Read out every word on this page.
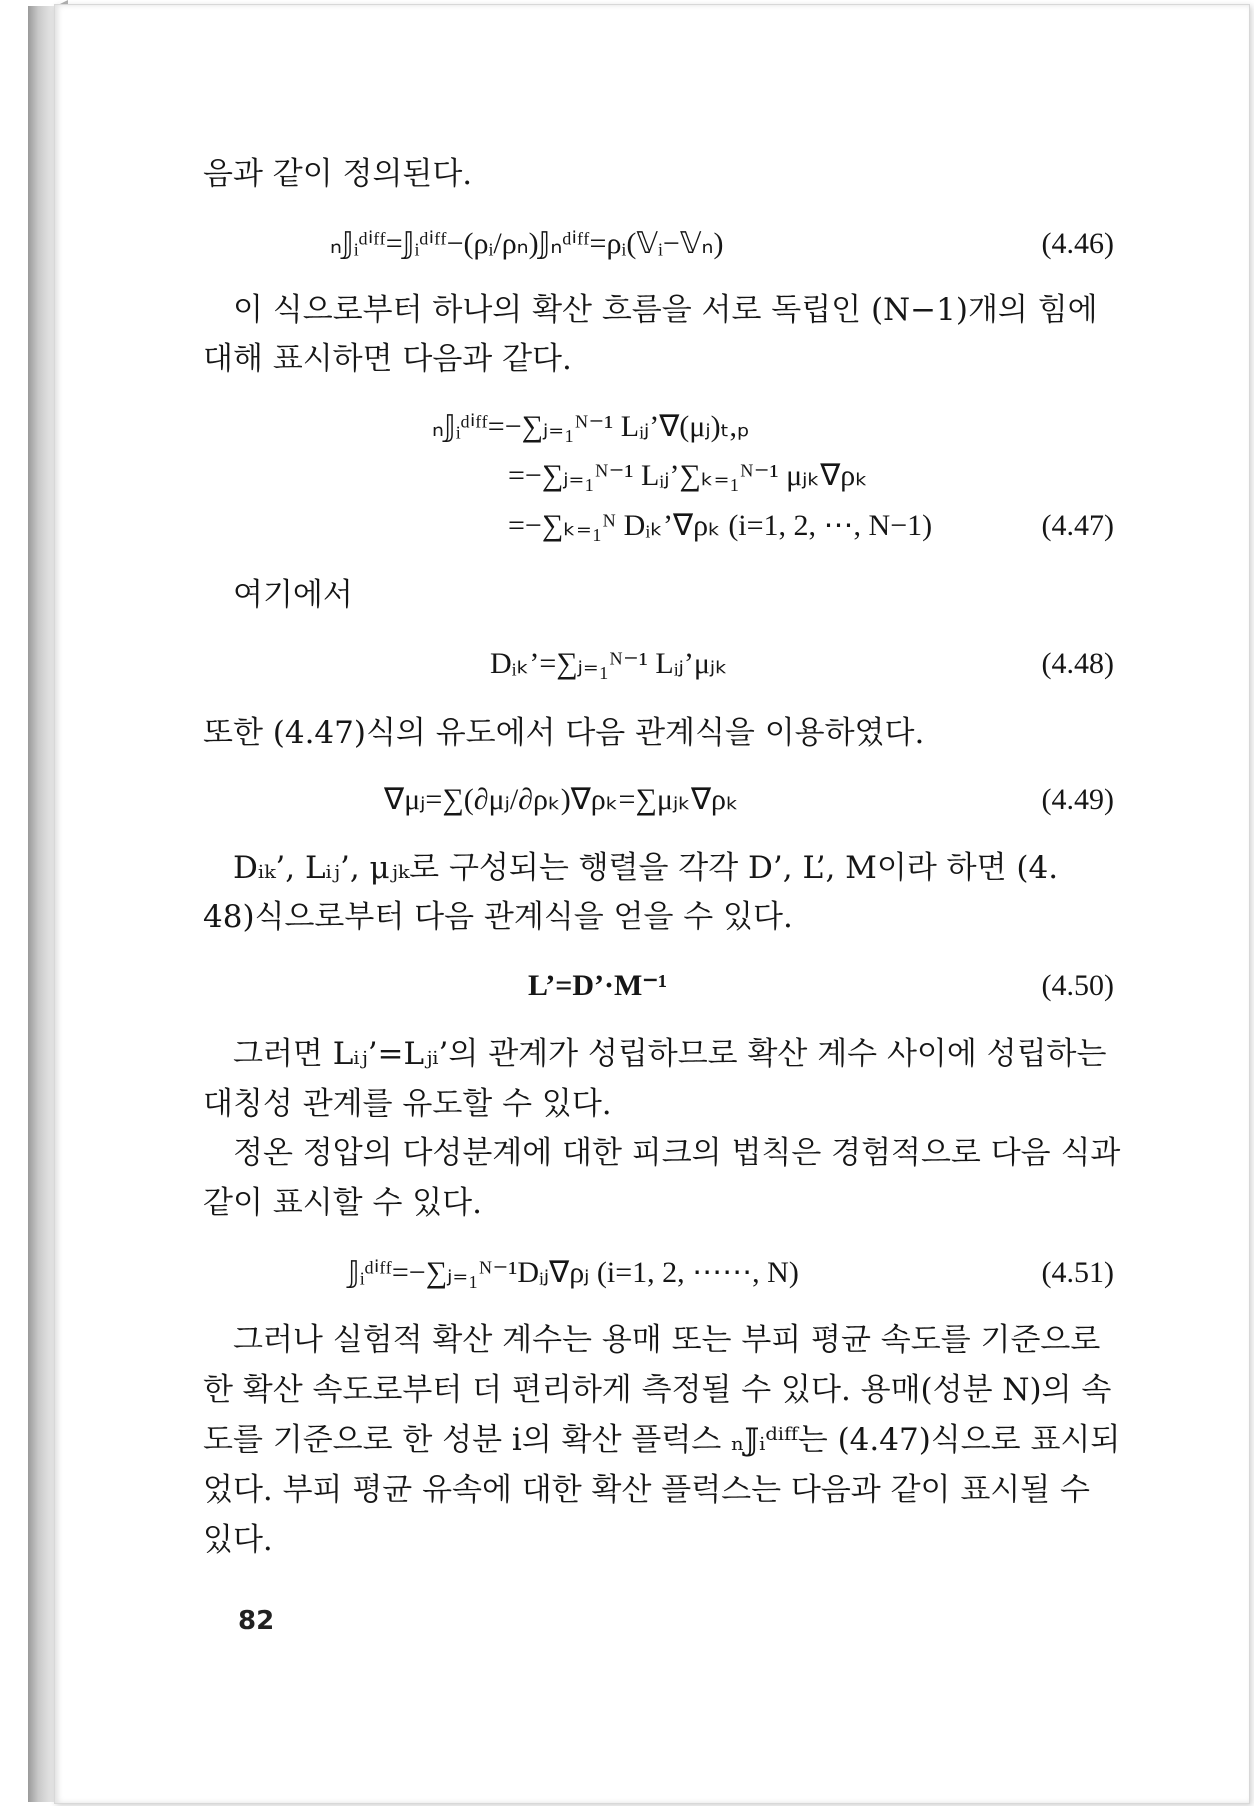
음과 같이 정의된다.

ₙ𝕁ᵢᵈⁱᶠᶠ=𝕁ᵢᵈⁱᶠᶠ−(ρᵢ/ρₙ)𝕁ₙᵈⁱᶠᶠ=ρᵢ(𝕍ᵢ−𝕍ₙ)	(4.46)

이 식으로부터 하나의 확산 흐름을 서로 독립인 (N−1)개의 힘에

대해 표시하면 다음과 같다.

ₙ𝕁ᵢᵈⁱᶠᶠ=−∑ⱼ₌₁ᴺ⁻¹ Lᵢⱼ’∇(μⱼ)ₜ,ₚ

=−∑ⱼ₌₁ᴺ⁻¹ Lᵢⱼ’∑ₖ₌₁ᴺ⁻¹ μⱼₖ∇ρₖ

=−∑ₖ₌₁ᴺ Dᵢₖ’∇ρₖ (i=1, 2, ⋯, N−1)	(4.47)

여기에서

Dᵢₖ’=∑ⱼ₌₁ᴺ⁻¹ Lᵢⱼ’μⱼₖ	(4.48)

또한 (4.47)식의 유도에서 다음 관계식을 이용하였다.

∇μⱼ=∑(∂μⱼ/∂ρₖ)∇ρₖ=∑μⱼₖ∇ρₖ	(4.49)

Dᵢₖ’, Lᵢⱼ’, μⱼₖ로 구성되는 행렬을 각각 D’, L’, M이라 하면 (4.

48)식으로부터 다음 관계식을 얻을 수 있다.

L’=D’·M⁻¹	(4.50)

그러면 Lᵢⱼ’=Lⱼᵢ’의 관계가 성립하므로 확산 계수 사이에 성립하는

대칭성 관계를 유도할 수 있다.

정온 정압의 다성분계에 대한 피크의 법칙은 경험적으로 다음 식과

같이 표시할 수 있다.

𝕁ᵢᵈⁱᶠᶠ=−∑ⱼ₌₁ᴺ⁻¹Dᵢⱼ∇ρⱼ (i=1, 2, ⋯⋯, N)	(4.51)

그러나 실험적 확산 계수는 용매 또는 부피 평균 속도를 기준으로

한 확산 속도로부터 더 편리하게 측정될 수 있다. 용매(성분 N)의 속

도를 기준으로 한 성분 i의 확산 플럭스 ₙ𝕁ᵢᵈⁱᶠᶠ는 (4.47)식으로 표시되

었다. 부피 평균 유속에 대한 확산 플럭스는 다음과 같이 표시될 수

있다.

82
